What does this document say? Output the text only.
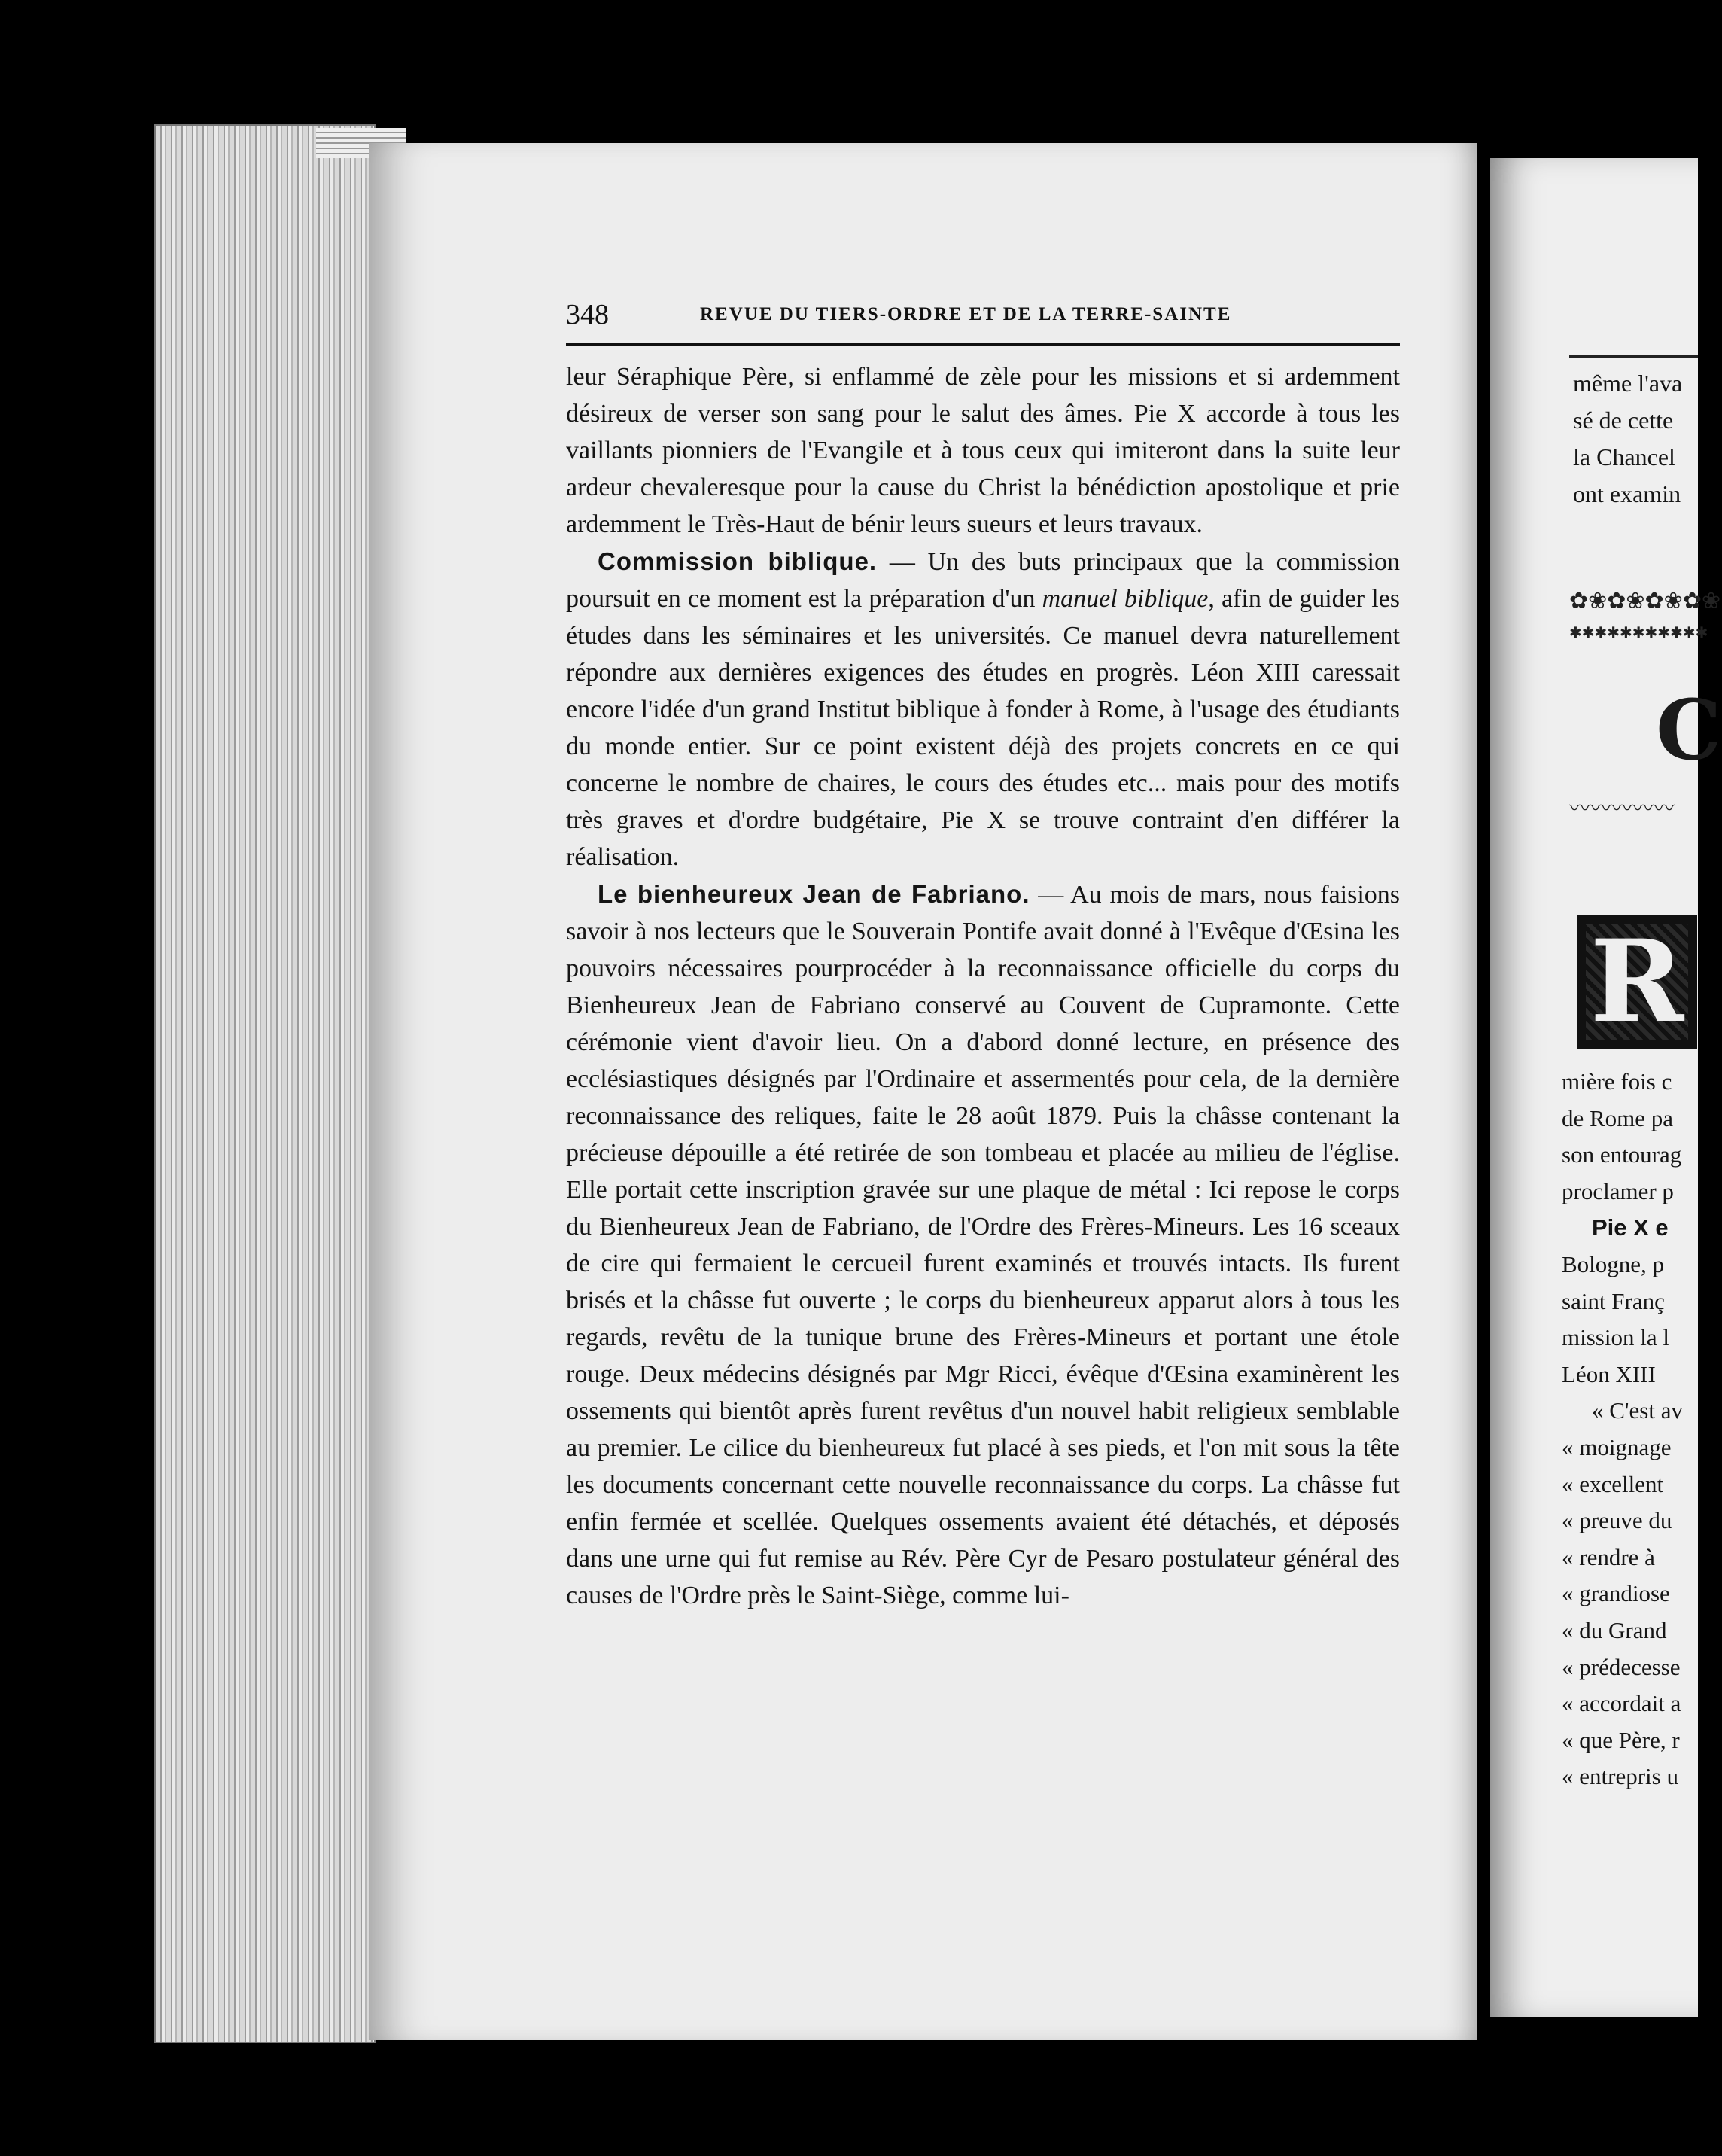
348	REVUE DU TIERS-ORDRE ET DE LA TERRE-SAINTE

leur Séraphique Père, si enflammé de zèle pour les missions et si ardemment désireux de verser son sang pour le salut des âmes. Pie X accorde à tous les vaillants pionniers de l'Evangile et à tous ceux qui imiteront dans la suite leur ardeur chevaleresque pour la cause du Christ la bénédiction apostolique et prie ardemment le Très-Haut de bénir leurs sueurs et leurs travaux.

Commission biblique. — Un des buts principaux que la commission poursuit en ce moment est la préparation d'un manuel biblique, afin de guider les études dans les séminaires et les universités. Ce manuel devra naturellement répondre aux dernières exigences des études en progrès. Léon XIII caressait encore l'idée d'un grand Institut biblique à fonder à Rome, à l'usage des étudiants du monde entier. Sur ce point existent déjà des projets concrets en ce qui concerne le nombre de chaires, le cours des études etc... mais pour des motifs très graves et d'ordre budgétaire, Pie X se trouve contraint d'en différer la réalisation.

Le bienheureux Jean de Fabriano. — Au mois de mars, nous faisions savoir à nos lecteurs que le Souverain Pontife avait donné à l'Evêque d'Œsina les pouvoirs nécessaires pourprocéder à la reconnaissance officielle du corps du Bienheureux Jean de Fabriano conservé au Couvent de Cupramonte. Cette cérémonie vient d'avoir lieu. On a d'abord donné lecture, en présence des ecclésiastiques désignés par l'Ordinaire et assermentés pour cela, de la dernière reconnaissance des reliques, faite le 28 août 1879. Puis la châsse contenant la précieuse dépouille a été retirée de son tombeau et placée au milieu de l'église. Elle portait cette inscription gravée sur une plaque de métal : Ici repose le corps du Bienheureux Jean de Fabriano, de l'Ordre des Frères-Mineurs. Les 16 sceaux de cire qui fermaient le cercueil furent examinés et trouvés intacts. Ils furent brisés et la châsse fut ouverte ; le corps du bienheureux apparut alors à tous les regards, revêtu de la tunique brune des Frères-Mineurs et portant une étole rouge. Deux médecins désignés par Mgr Ricci, évêque d'Œsina examinèrent les ossements qui bientôt après furent revêtus d'un nouvel habit religieux semblable au premier. Le cilice du bienheureux fut placé à ses pieds, et l'on mit sous la tête les documents concernant cette nouvelle reconnaissance du corps. La châsse fut enfin fermée et scellée. Quelques ossements avaient été détachés, et déposés dans une urne qui fut remise au Rév. Père Cyr de Pesaro postulateur général des causes de l'Ordre près le Saint-Siège, comme lui-

même l'ava

sé de cette

la Chancel

ont examin

✿❀✿❀✿❀✿❀
✱✱✱✱✱✱✱✱✱✱✱
C
〰〰〰〰〰
R

mière fois c

de Rome pa

son entourag

proclamer p

Pie X e

Bologne, p

saint Franç

mission la l

Léon XIII

« C'est av

« moignage

« excellent

« preuve du

« rendre à

« grandiose

« du Grand

« prédecesse

« accordait a

« que Père, r

« entrepris u
